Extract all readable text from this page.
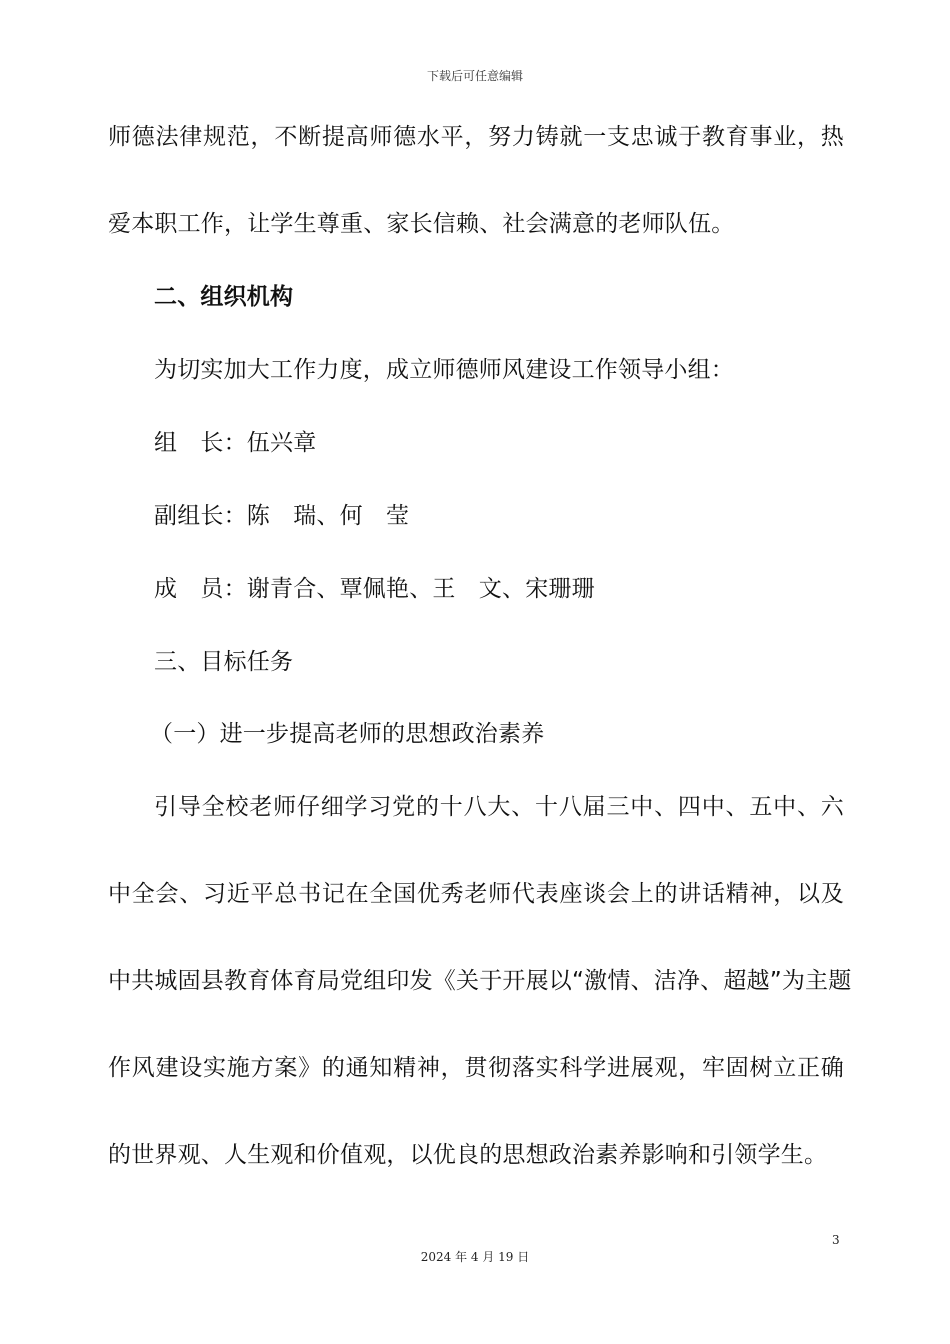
下载后可任意编辑
师德法律规范，不断提高师德水平，努力铸就一支忠诚于教育事业，热
爱本职工作，让学生尊重、家长信赖、社会满意的老师队伍。
二、组织机构
为切实加大工作力度，成立师德师风建设工作领导小组：
组　长：伍兴章
副组长：陈　瑞、何　莹
成　员：谢青合、覃佩艳、王　文、宋珊珊
三、目标任务
（一）进一步提高老师的思想政治素养
引导全校老师仔细学习党的十八大、十八届三中、四中、五中、六
中全会、习近平总书记在全国优秀老师代表座谈会上的讲话精神，以及
中共城固县教育体育局党组印发《关于开展以“激情、洁净、超越”为主题
作风建设实施方案》的通知精神，贯彻落实科学进展观，牢固树立正确
的世界观、人生观和价值观，以优良的思想政治素养影响和引领学生。
3
2024 年 4 月 19 日
